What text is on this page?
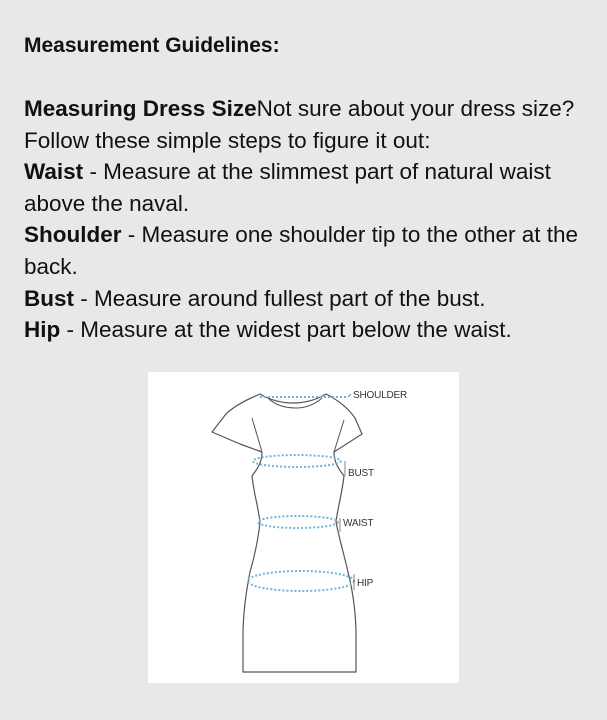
Measurement Guidelines:

Measuring Dress SizeNot sure about your dress size? Follow these simple steps to figure it out:
Waist - Measure at the slimmest part of natural waist above the naval.
Shoulder - Measure one shoulder tip to the other at the back.
Bust - Measure around fullest part of the bust.
Hip - Measure at the widest part below the waist.

SHOULDER
BUST
WAIST
HIP
